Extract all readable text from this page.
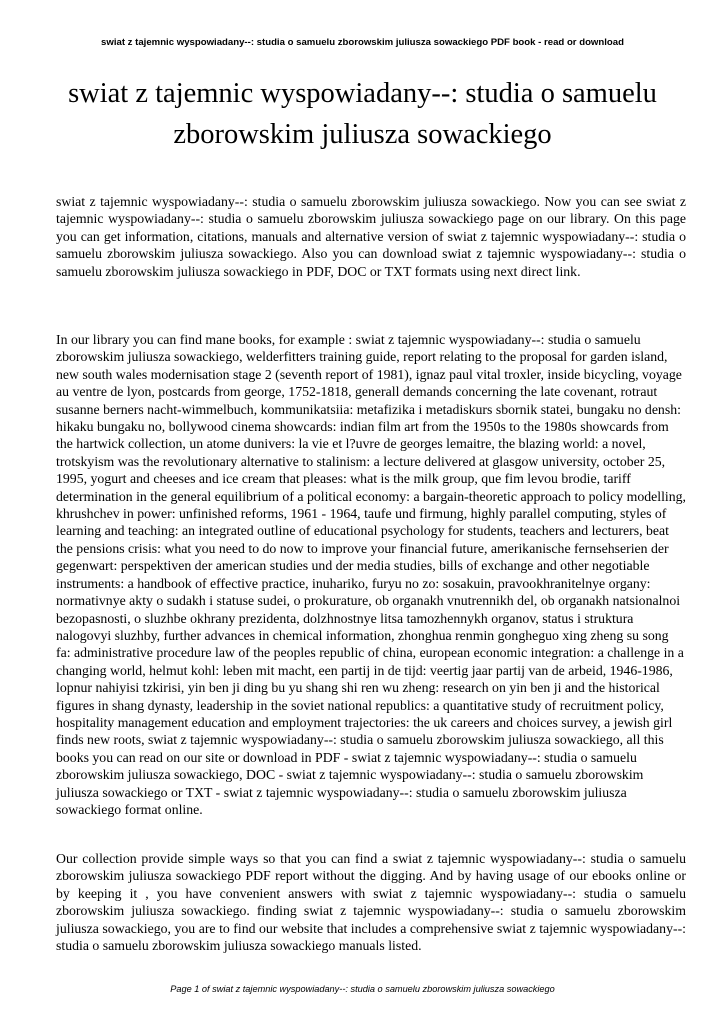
swiat z tajemnic wyspowiadany--: studia o samuelu zborowskim juliusza sowackiego PDF book - read or download
swiat z tajemnic wyspowiadany--: studia o samuelu zborowskim juliusza sowackiego

swiat z tajemnic wyspowiadany--: studia o samuelu zborowskim juliusza sowackiego. Now you can see swiat z tajemnic wyspowiadany--: studia o samuelu zborowskim juliusza sowackiego page on our library. On this page you can get information, citations, manuals and alternative version of swiat z tajemnic wyspowiadany--: studia o samuelu zborowskim juliusza sowackiego. Also you can download swiat z tajemnic wyspowiadany--: studia o samuelu zborowskim juliusza sowackiego in PDF, DOC or TXT formats using next direct link.

In our library you can find mane books, for example : swiat z tajemnic wyspowiadany--: studia o samuelu zborowskim juliusza sowackiego, welderfitters training guide, report relating to the proposal for garden island, new south wales modernisation stage 2 (seventh report of 1981), ignaz paul vital troxler, inside bicycling, voyage au ventre de lyon, postcards from george, 1752-1818, generall demands concerning the late covenant, rotraut susanne berners nacht-wimmelbuch, kommunikatsiia: metafizika i metadiskurs sbornik statei, bungaku no densh: hikaku bungaku no, bollywood cinema showcards: indian film art from the 1950s to the 1980s showcards from the hartwick collection, un atome dunivers: la vie et l?uvre de georges lemaitre, the blazing world: a novel, trotskyism was the revolutionary alternative to stalinism: a lecture delivered at glasgow university, october 25, 1995, yogurt and cheeses and ice cream that pleases: what is the milk group, que fim levou brodie, tariff determination in the general equilibrium of a political economy: a bargain-theoretic approach to policy modelling, khrushchev in power: unfinished reforms, 1961 - 1964, taufe und firmung, highly parallel computing, styles of learning and teaching: an integrated outline of educational psychology for students, teachers and lecturers, beat the pensions crisis: what you need to do now to improve your financial future, amerikanische fernsehserien der gegenwart: perspektiven der american studies und der media studies, bills of exchange and other negotiable instruments: a handbook of effective practice, inuhariko, furyu no zo: sosakuin, pravookhranitelnye organy: normativnye akty o sudakh i statuse sudei, o prokurature, ob organakh vnutrennikh del, ob organakh natsionalnoi bezopasnosti, o sluzhbe okhrany prezidenta, dolzhnostnye litsa tamozhennykh organov, status i struktura nalogovyi sluzhby, further advances in chemical information, zhonghua renmin gongheguo xing zheng su song fa: administrative procedure law of the peoples republic of china, european economic integration: a challenge in a changing world, helmut kohl: leben mit macht, een partij in de tijd: veertig jaar partij van de arbeid, 1946-1986, lopnur nahiyisi tzkirisi, yin ben ji ding bu yu shang shi ren wu zheng: research on yin ben ji and the historical figures in shang dynasty, leadership in the soviet national republics: a quantitative study of recruitment policy, hospitality management education and employment trajectories: the uk careers and choices survey, a jewish girl finds new roots, swiat z tajemnic wyspowiadany--: studia o samuelu zborowskim juliusza sowackiego, all this books you can read on our site or download in PDF - swiat z tajemnic wyspowiadany--: studia o samuelu zborowskim juliusza sowackiego, DOC - swiat z tajemnic wyspowiadany--: studia o samuelu zborowskim juliusza sowackiego or TXT - swiat z tajemnic wyspowiadany--: studia o samuelu zborowskim juliusza sowackiego format online.

Our collection provide simple ways so that you can find a swiat z tajemnic wyspowiadany--: studia o samuelu zborowskim juliusza sowackiego PDF report without the digging. And by having usage of our ebooks online or by keeping it , you have convenient answers with swiat z tajemnic wyspowiadany--: studia o samuelu zborowskim juliusza sowackiego. finding swiat z tajemnic wyspowiadany--: studia o samuelu zborowskim juliusza sowackiego, you are to find our website that includes a comprehensive swiat z tajemnic wyspowiadany--: studia o samuelu zborowskim juliusza sowackiego manuals listed.

Page 1 of swiat z tajemnic wyspowiadany--: studia o samuelu zborowskim juliusza sowackiego
